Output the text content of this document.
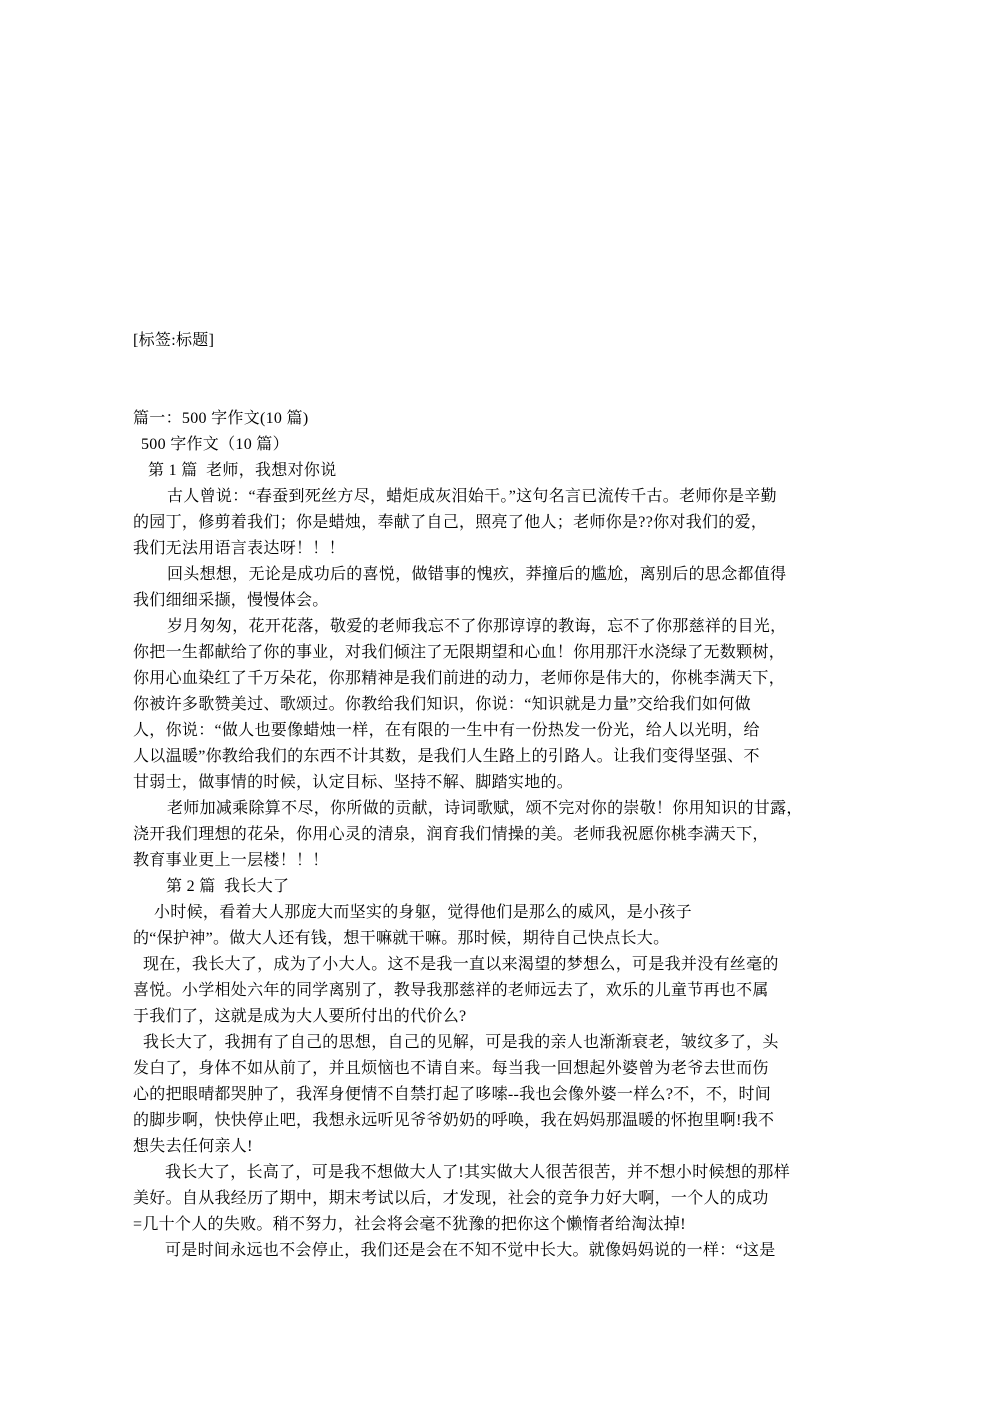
[标签:标题]
篇一：500 字作文(10 篇)
500 字作文（10 篇）
第 1 篇  老师，我想对你说
古人曾说：“春蚕到死丝方尽，蜡炬成灰泪始干。”这句名言已流传千古。老师你是辛勤
的园丁，修剪着我们；你是蜡烛，奉献了自己，照亮了他人；老师你是??你对我们的爱，
我们无法用语言表达呀！！！
回头想想，无论是成功后的喜悦，做错事的愧疚，莽撞后的尴尬，离别后的思念都值得
我们细细采撷，慢慢体会。
岁月匆匆，花开花落，敬爱的老师我忘不了你那谆谆的教诲，忘不了你那慈祥的目光，
你把一生都献给了你的事业，对我们倾注了无限期望和心血！你用那汗水浇绿了无数颗树，
你用心血染红了千万朵花，你那精神是我们前进的动力，老师你是伟大的，你桃李满天下，
你被许多歌赞美过、歌颂过。你教给我们知识，你说：“知识就是力量”交给我们如何做
人，你说：“做人也要像蜡烛一样，在有限的一生中有一份热发一份光，给人以光明，给
人以温暖”你教给我们的东西不计其数，是我们人生路上的引路人。让我们变得坚强、不
甘弱士，做事情的时候，认定目标、坚持不解、脚踏实地的。
老师加减乘除算不尽，你所做的贡献，诗词歌赋，颂不完对你的崇敬！你用知识的甘露，
浇开我们理想的花朵，你用心灵的清泉，润育我们情操的美。老师我祝愿你桃李满天下，
教育事业更上一层楼！！！
第 2 篇  我长大了
小时候，看着大人那庞大而坚实的身躯，觉得他们是那么的威风，是小孩子
的“保护神”。做大人还有钱，想干嘛就干嘛。那时候，期待自己快点长大。
现在，我长大了，成为了小大人。这不是我一直以来渴望的梦想么，可是我并没有丝毫的
喜悦。小学相处六年的同学离别了，教导我那慈祥的老师远去了，欢乐的儿童节再也不属
于我们了，这就是成为大人要所付出的代价么?
我长大了，我拥有了自己的思想，自己的见解，可是我的亲人也渐渐衰老，皱纹多了，头
发白了，身体不如从前了，并且烦恼也不请自来。每当我一回想起外婆曾为老爷去世而伤
心的把眼晴都哭肿了，我浑身便情不自禁打起了哆嗦--我也会像外婆一样么?不，不，时间
的脚步啊，快快停止吧，我想永远听见爷爷奶奶的呼唤，我在妈妈那温暖的怀抱里啊!我不
想失去任何亲人!
我长大了，长高了，可是我不想做大人了!其实做大人很苦很苦，并不想小时候想的那样
美好。自从我经历了期中，期末考试以后，才发现，社会的竞争力好大啊，一个人的成功
=几十个人的失败。稍不努力，社会将会毫不犹豫的把你这个懒惰者给淘汰掉!
可是时间永远也不会停止，我们还是会在不知不觉中长大。就像妈妈说的一样：“这是
